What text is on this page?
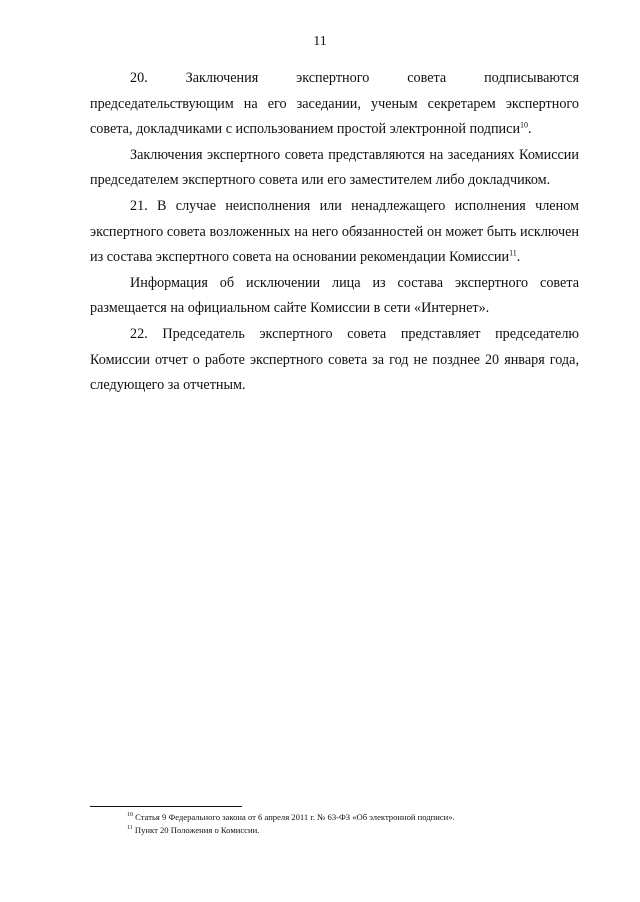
11

20. Заключения экспертного совета подписываются председательствующим на его заседании, ученым секретарем экспертного совета, докладчиками с использованием простой электронной подписи$^{10}$.

Заключения экспертного совета представляются на заседаниях Комиссии председателем экспертного совета или его заместителем либо докладчиком.

21. В случае неисполнения или ненадлежащего исполнения членом экспертного совета возложенных на него обязанностей он может быть исключен из состава экспертного совета на основании рекомендации Комиссии$^{11}$.

Информация об исключении лица из состава экспертного совета размещается на официальном сайте Комиссии в сети «Интернет».

22. Председатель экспертного совета представляет председателю Комиссии отчет о работе экспертного совета за год не позднее 20 января года, следующего за отчетным.

$^{10}$ Статья 9 Федерального закона от 6 апреля 2011 г. № 63-ФЗ «Об электронной подписи».

$^{11}$ Пункт 20 Положения о Комиссии.
